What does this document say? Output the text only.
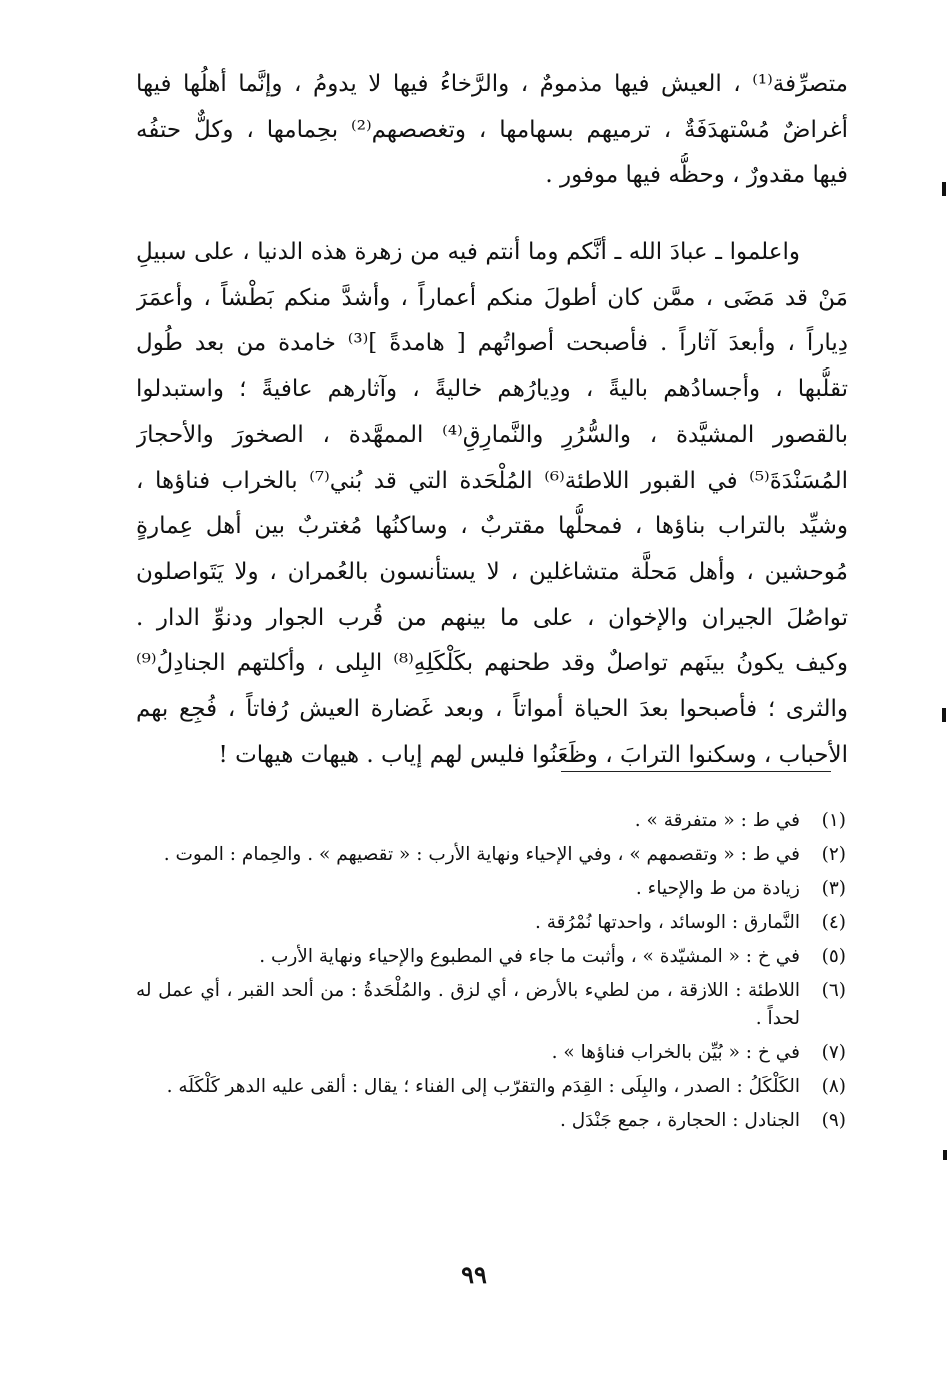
متصرِّفة⁽¹⁾ ، العيش فيها مذمومٌ ، والرَّخاءُ فيها لا يدومُ ، وإنَّما أهلُها فيها
أغراضٌ مُسْتهدَفَةٌ ، ترميهم بسهامها ، وتغصصهم⁽²⁾ بحِمامها ، وكلٌّ حتفُه
فيها مقدورٌ ، وحظُّه فيها موفور .
واعلموا ـ عبادَ الله ـ أنَّكم وما أنتم فيه من زهرة هذه الدنيا ، على سبيلِ
مَنْ قد مَضَى ، ممَّن كان أطولَ منكم أعماراً ، وأشدَّ منكم بَطْشاً ، وأعمَرَ
دِياراً ، وأبعدَ آثاراً . فأصبحت أصواتُهم [ هامدةً ]⁽³⁾ خامدة من بعد طُول
تقلُّبها ، وأجسادُهم باليةً ، ودِيارُهم خاليةً ، وآثارهم عافيةً ؛ واستبدلوا
بالقصور المشيَّدة ، والسُّرُرِ والنَّمارِقِ⁽⁴⁾ الممهَّدة ، الصخورَ والأحجارَ
المُسَنْدَةَ⁽⁵⁾ في القبور اللاطئة⁽⁶⁾ المُلْحَدة التي قد بُني⁽⁷⁾ بالخراب فناؤها ،
وشيِّد بالتراب بناؤها ، فمحلُّها مقتربٌ ، وساكنُها مُغتربٌ بين أهل عِمارةٍ
مُوحشين ، وأهل مَحلَّة متشاغلين ، لا يستأنسون بالعُمران ، ولا يَتَواصلون
تواصُلَ الجيران والإخوان ، على ما بينهم من قُرب الجوار ودنوِّ الدار .
وكيف يكونُ بينَهم تواصلٌ وقد طحنهم بكَلْكَلِهِ⁽⁸⁾ البِلى ، وأكلتهم الجنادِلُ⁽⁹⁾
والثرى ؛ فأصبحوا بعدَ الحياة أمواتاً ، وبعد غَضارة العيش رُفاتاً ، فُجِع بهم
الأحباب ، وسكنوا الترابَ ، وظَعَنُوا فليس لهم إياب . هيهات هيهات !
(١)
في ط : « متفرقة » .
(٢)
في ط : « وتقصمهم » ، وفي الإحياء ونهاية الأرب : « تقصيهم » . والحِمام : الموت .
(٣)
زيادة من ط والإحياء .
(٤)
النَّمارق : الوسائد ، واحدتها نُمْرُقة .
(٥)
في خ : « المشيّدة » ، وأثبت ما جاء في المطبوع والإحياء ونهاية الأرب .
(٦)
اللاطئة : اللازقة ، من لطيء بالأرض ، أي لزق . والمُلْحَدةُ : من ألحد القبر ، أي عمل له لحداً .
(٧)
في خ : « بُيِّن بالخراب فناؤها » .
(٨)
الكَلْكَلُ : الصدر ، والبِلَى : القِدَم والتقرّب إلى الفناء ؛ يقال : ألقى عليه الدهر كَلْكَلَه .
(٩)
الجنادل : الحجارة ، جمع جَنْدَل .
٩٩
